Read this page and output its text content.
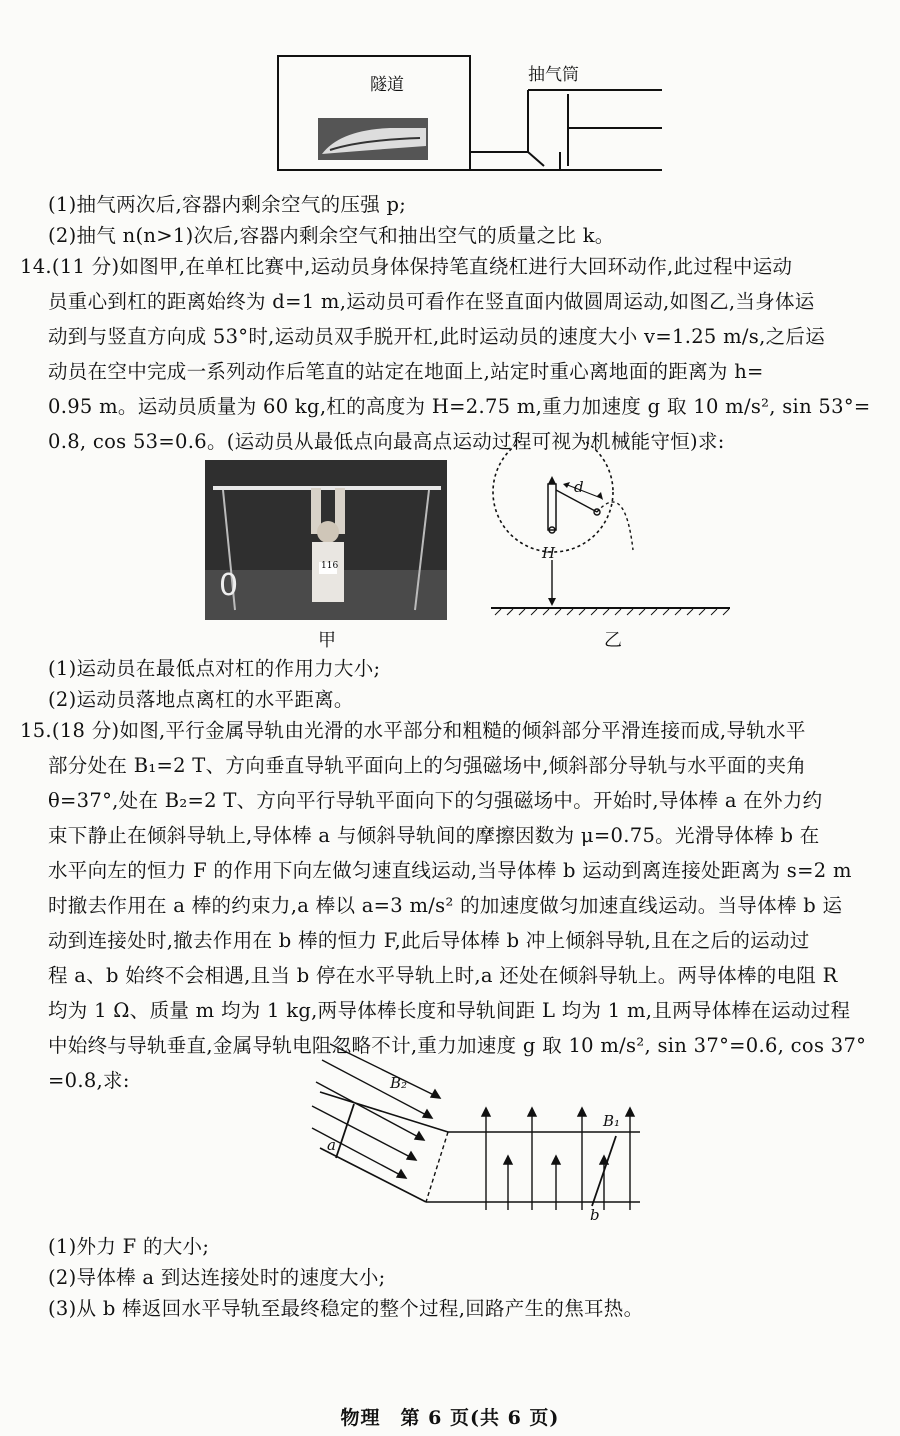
隧道	抽气筒
(1)抽气两次后,容器内剩余空气的压强 p;
(2)抽气 n(n>1)次后,容器内剩余空气和抽出空气的质量之比 k。
14.(11 分)如图甲,在单杠比赛中,运动员身体保持笔直绕杠进行大回环动作,此过程中运动
员重心到杠的距离始终为 d=1 m,运动员可看作在竖直面内做圆周运动,如图乙,当身体运
动到与竖直方向成 53°时,运动员双手脱开杠,此时运动员的速度大小 v=1.25 m/s,之后运
动员在空中完成一系列动作后笔直的站定在地面上,站定时重心离地面的距离为 h=
0.95 m。运动员质量为 60 kg,杠的高度为 H=2.75 m,重力加速度 g 取 10 m/s², sin 53°=
0.8, cos 53=0.6。(运动员从最低点向最高点运动过程可视为机械能守恒)求:
116
0
甲
d
H
乙
(1)运动员在最低点对杠的作用力大小;
(2)运动员落地点离杠的水平距离。
15.(18 分)如图,平行金属导轨由光滑的水平部分和粗糙的倾斜部分平滑连接而成,导轨水平
部分处在 B₁=2 T、方向垂直导轨平面向上的匀强磁场中,倾斜部分导轨与水平面的夹角
θ=37°,处在 B₂=2 T、方向平行导轨平面向下的匀强磁场中。开始时,导体棒 a 在外力约
束下静止在倾斜导轨上,导体棒 a 与倾斜导轨间的摩擦因数为 μ=0.75。光滑导体棒 b 在
水平向左的恒力 F 的作用下向左做匀速直线运动,当导体棒 b 运动到离连接处距离为 s=2 m
时撤去作用在 a 棒的约束力,a 棒以 a=3 m/s² 的加速度做匀加速直线运动。当导体棒 b 运
动到连接处时,撤去作用在 b 棒的恒力 F,此后导体棒 b 冲上倾斜导轨,且在之后的运动过
程 a、b 始终不会相遇,且当 b 停在水平导轨上时,a 还处在倾斜导轨上。两导体棒的电阻 R
均为 1 Ω、质量 m 均为 1 kg,两导体棒长度和导轨间距 L 均为 1 m,且两导体棒在运动过程
中始终与导轨垂直,金属导轨电阻忽略不计,重力加速度 g 取 10 m/s², sin 37°=0.6, cos 37°
=0.8,求:	B₂
B₁
a
b
(1)外力 F 的大小;
(2)导体棒 a 到达连接处时的速度大小;
(3)从 b 棒返回水平导轨至最终稳定的整个过程,回路产生的焦耳热。
物理　第 6 页(共 6 页)
